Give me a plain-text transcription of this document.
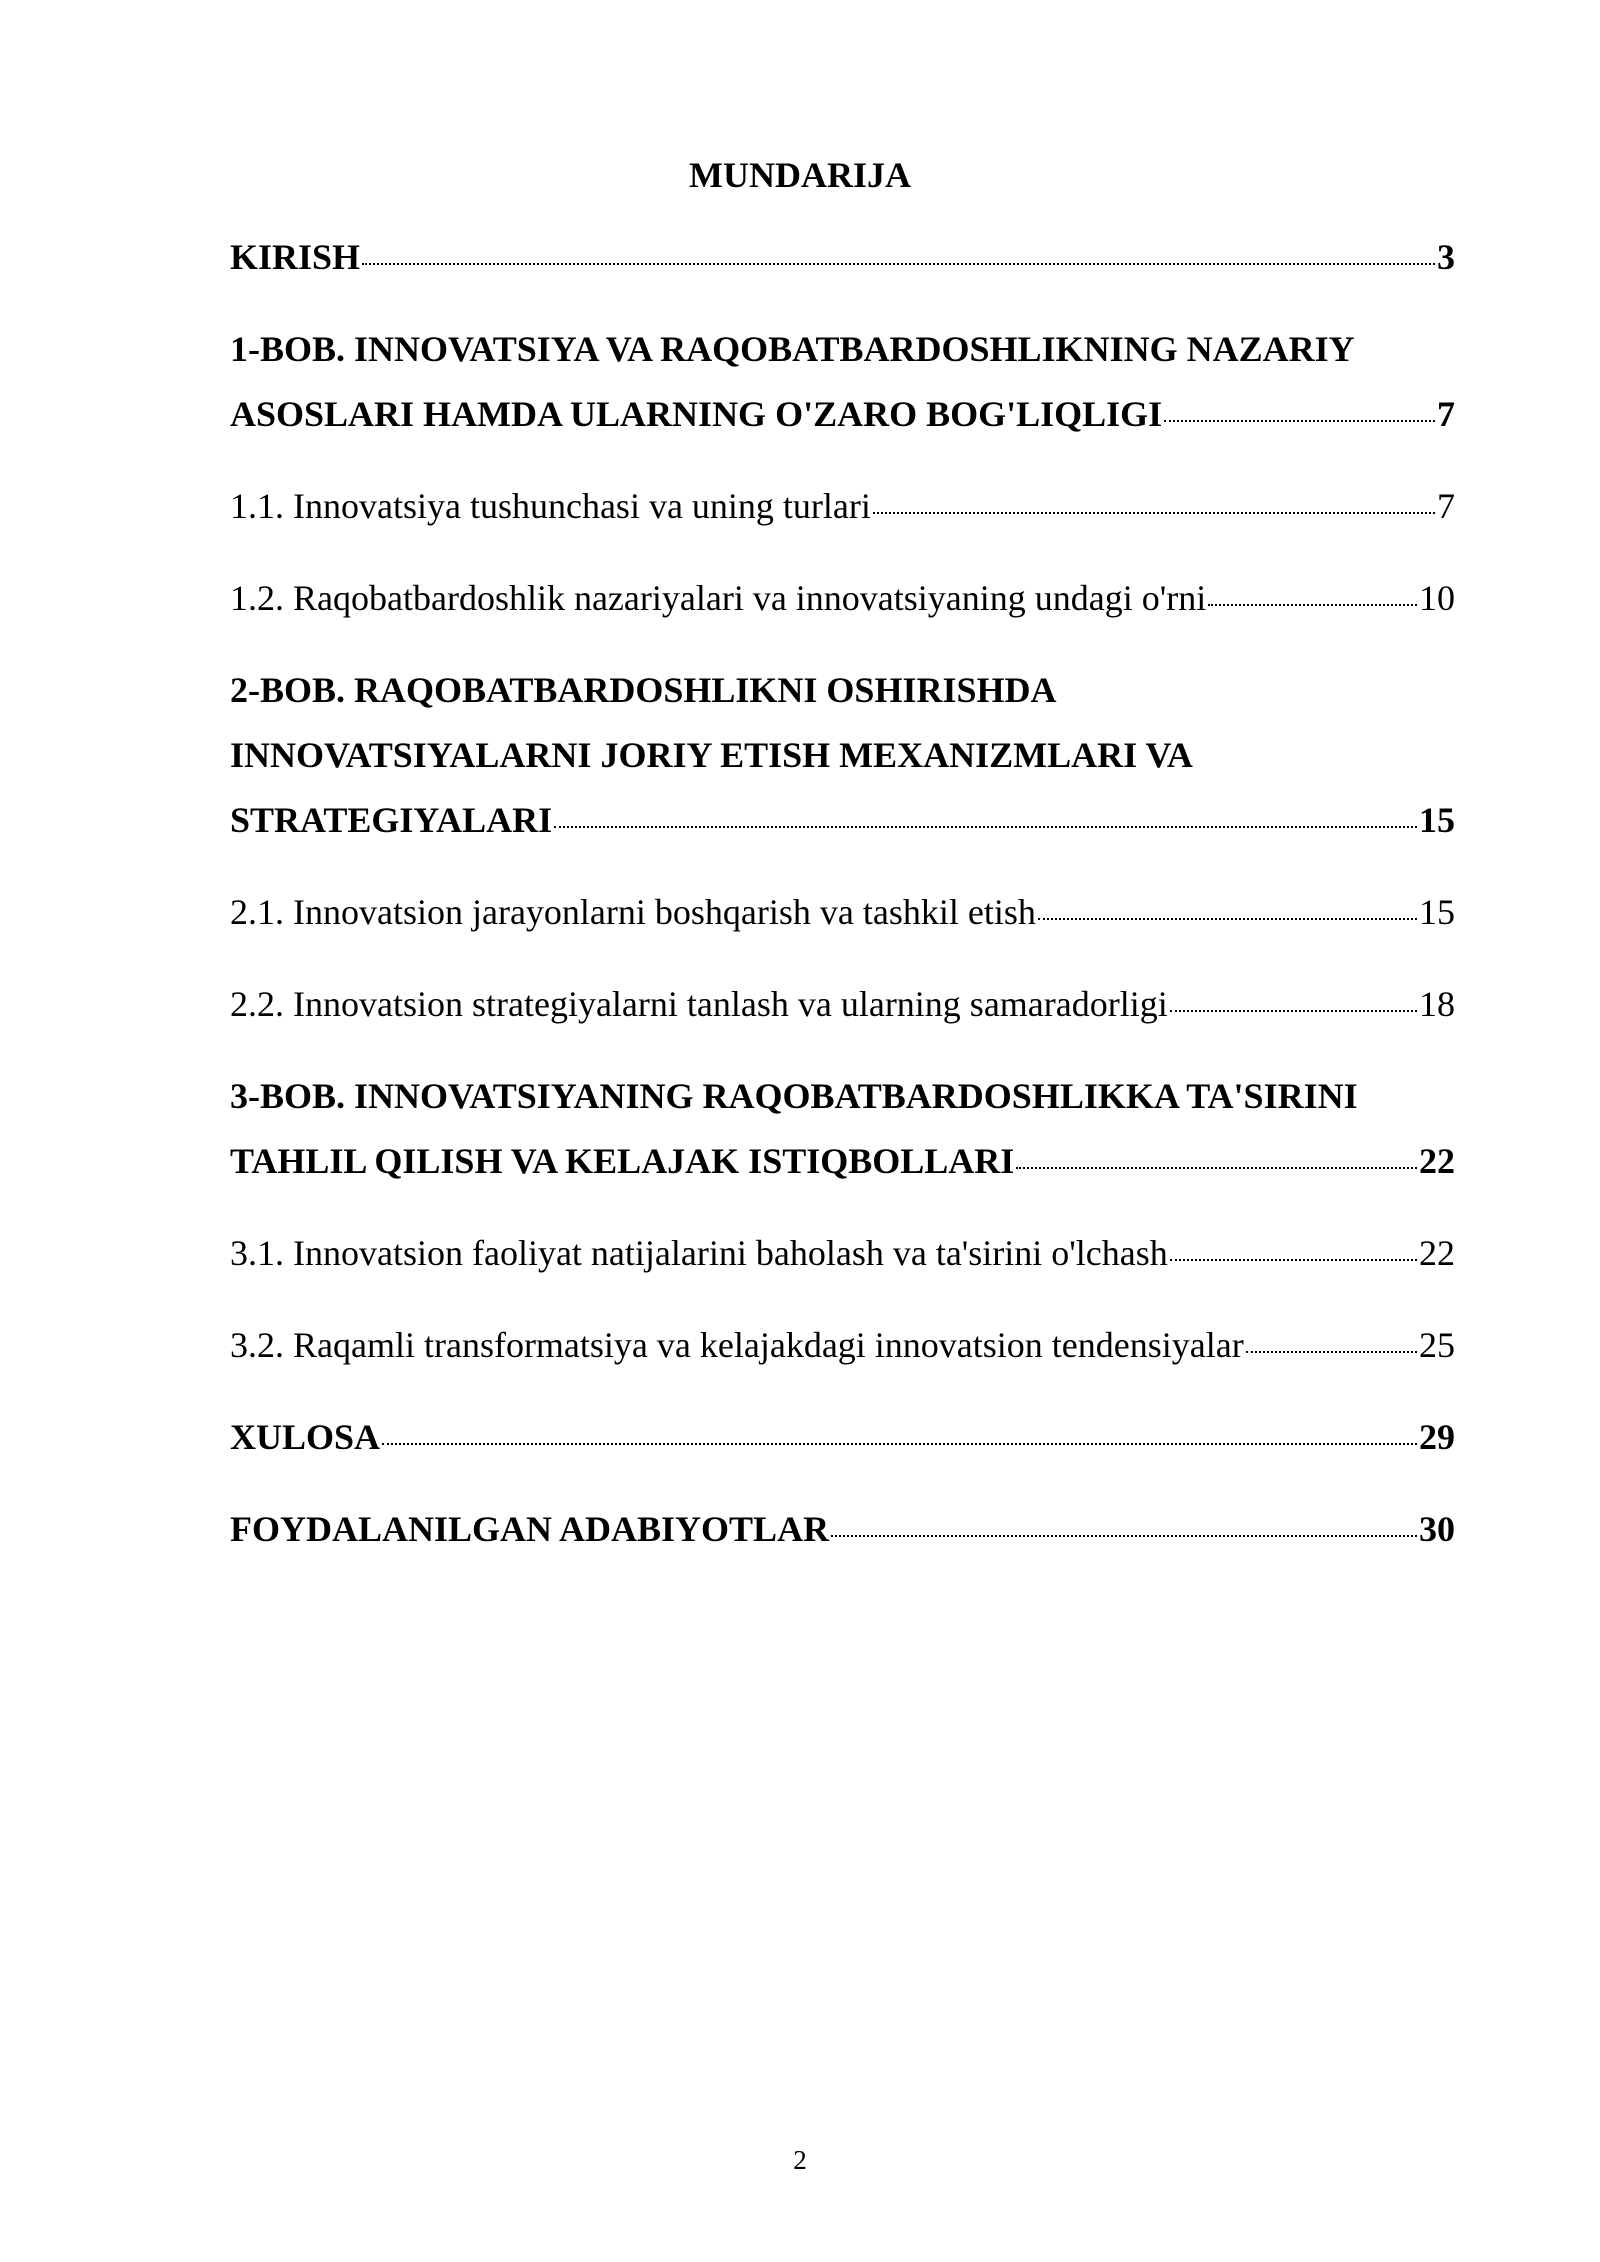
MUNDARIJA
KIRISH	3
1-BOB. INNOVATSIYA VA RAQOBATBARDOSHLIKNING NAZARIY
ASOSLARI HAMDA ULARNING O'ZARO BOG'LIQLIGI	7
1.1. Innovatsiya tushunchasi va uning turlari	7
1.2. Raqobatbardoshlik nazariyalari va innovatsiyaning undagi o'rni	10
2-BOB. RAQOBATBARDOSHLIKNI OSHIRISHDA
INNOVATSIYALARNI JORIY ETISH MEXANIZMLARI VA
STRATEGIYALARI	15
2.1. Innovatsion jarayonlarni boshqarish va tashkil etish	15
2.2. Innovatsion strategiyalarni tanlash va ularning samaradorligi	18
3-BOB. INNOVATSIYANING RAQOBATBARDOSHLIKKA TA'SIRINI
TAHLIL QILISH VA KELAJAK ISTIQBOLLARI	22
3.1. Innovatsion faoliyat natijalarini baholash va ta'sirini o'lchash	22
3.2. Raqamli transformatsiya va kelajakdagi innovatsion tendensiyalar	25
XULOSA	29
FOYDALANILGAN ADABIYOTLAR	30
2
